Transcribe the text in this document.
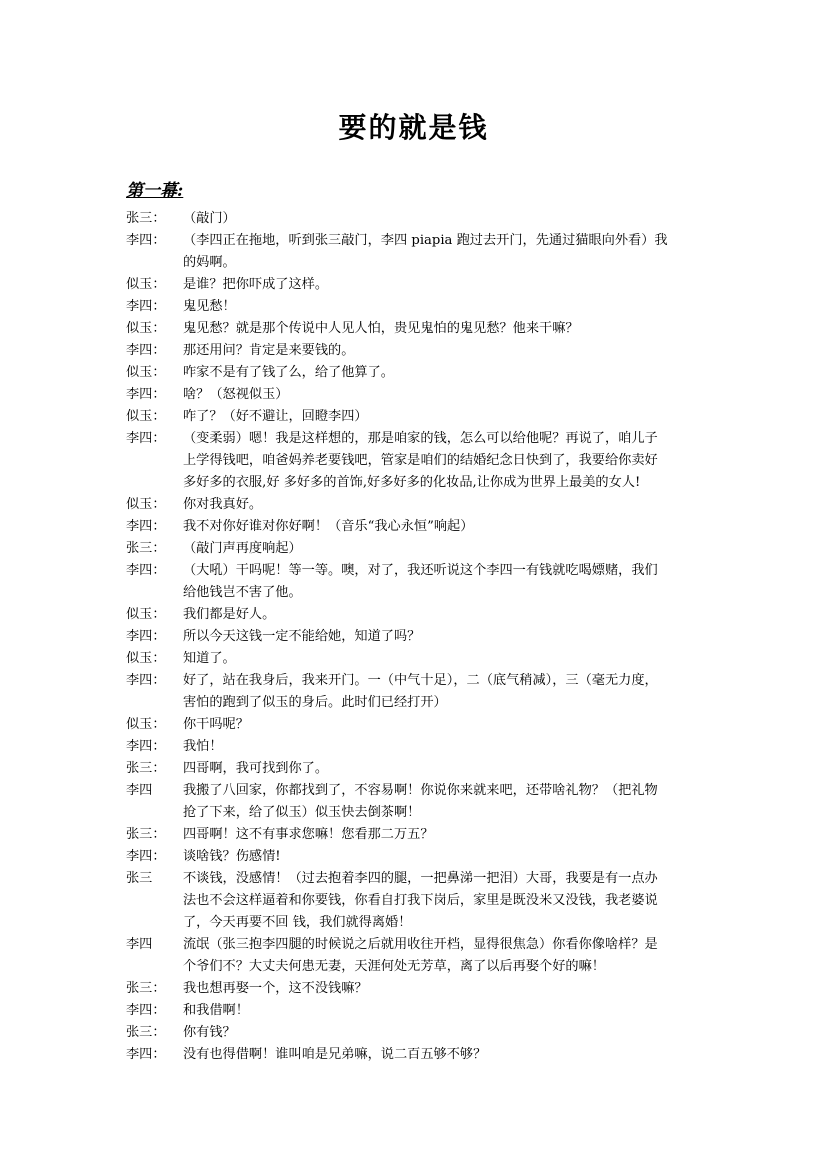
要的就是钱
第一幕:
张三：	（敲门）
李四：	（李四正在拖地，听到张三敲门，李四 piapia 跑过去开门，先通过猫眼向外看）我
的妈啊。
似玉：	是谁？把你吓成了这样。
李四：	鬼见愁！
似玉：	鬼见愁？就是那个传说中人见人怕，贵见鬼怕的鬼见愁？他来干嘛？
李四：	那还用问？肯定是来要钱的。
似玉：	咋家不是有了钱了么，给了他算了。
李四：	啥？（怒视似玉）
似玉：	咋了？（好不避让，回瞪李四）
李四：	（变柔弱）嗯！我是这样想的，那是咱家的钱，怎么可以给他呢？再说了，咱儿子
上学得钱吧，咱爸妈养老要钱吧，管家是咱们的结婚纪念日快到了，我要给你卖好
多好多的衣服,好 多好多的首饰,好多好多的化妆品,让你成为世界上最美的女人!
似玉：	你对我真好。
李四：	我不对你好谁对你好啊！（音乐“我心永恒”响起）
张三：	（敲门声再度响起）
李四：	（大吼）干吗呢！等一等。噢，对了，我还听说这个李四一有钱就吃喝嫖赌，我们
给他钱岂不害了他。
似玉：	我们都是好人。
李四：	所以今天这钱一定不能给她，知道了吗？
似玉：	知道了。
李四：	好了，站在我身后，我来开门。一（中气十足），二（底气稍减），三（毫无力度，
害怕的跑到了似玉的身后。此时们已经打开）
似玉：	你干吗呢？
李四：	我怕！
张三：	四哥啊，我可找到你了。
李四	我搬了八回家，你都找到了，不容易啊！你说你来就来吧，还带啥礼物？（把礼物
抢了下来，给了似玉）似玉快去倒茶啊！
张三：	四哥啊！这不有事求您嘛！您看那二万五？
李四：	谈啥钱？伤感情!
张三	不谈钱，没感情！（过去抱着李四的腿，一把鼻涕一把泪）大哥，我要是有一点办
法也不会这样逼着和你要钱，你看自打我下岗后，家里是既没米又没钱，我老婆说
了，今天再要不回 钱，我们就得离婚！
李四	流氓（张三抱李四腿的时候说之后就用收往开档，显得很焦急）你看你像啥样？是
个爷们不？大丈夫何患无妻，天涯何处无芳草，离了以后再娶个好的嘛！
张三：	我也想再娶一个，这不没钱嘛？
李四：	和我借啊！
张三：	你有钱？
李四：	没有也得借啊！谁叫咱是兄弟嘛，说二百五够不够？
